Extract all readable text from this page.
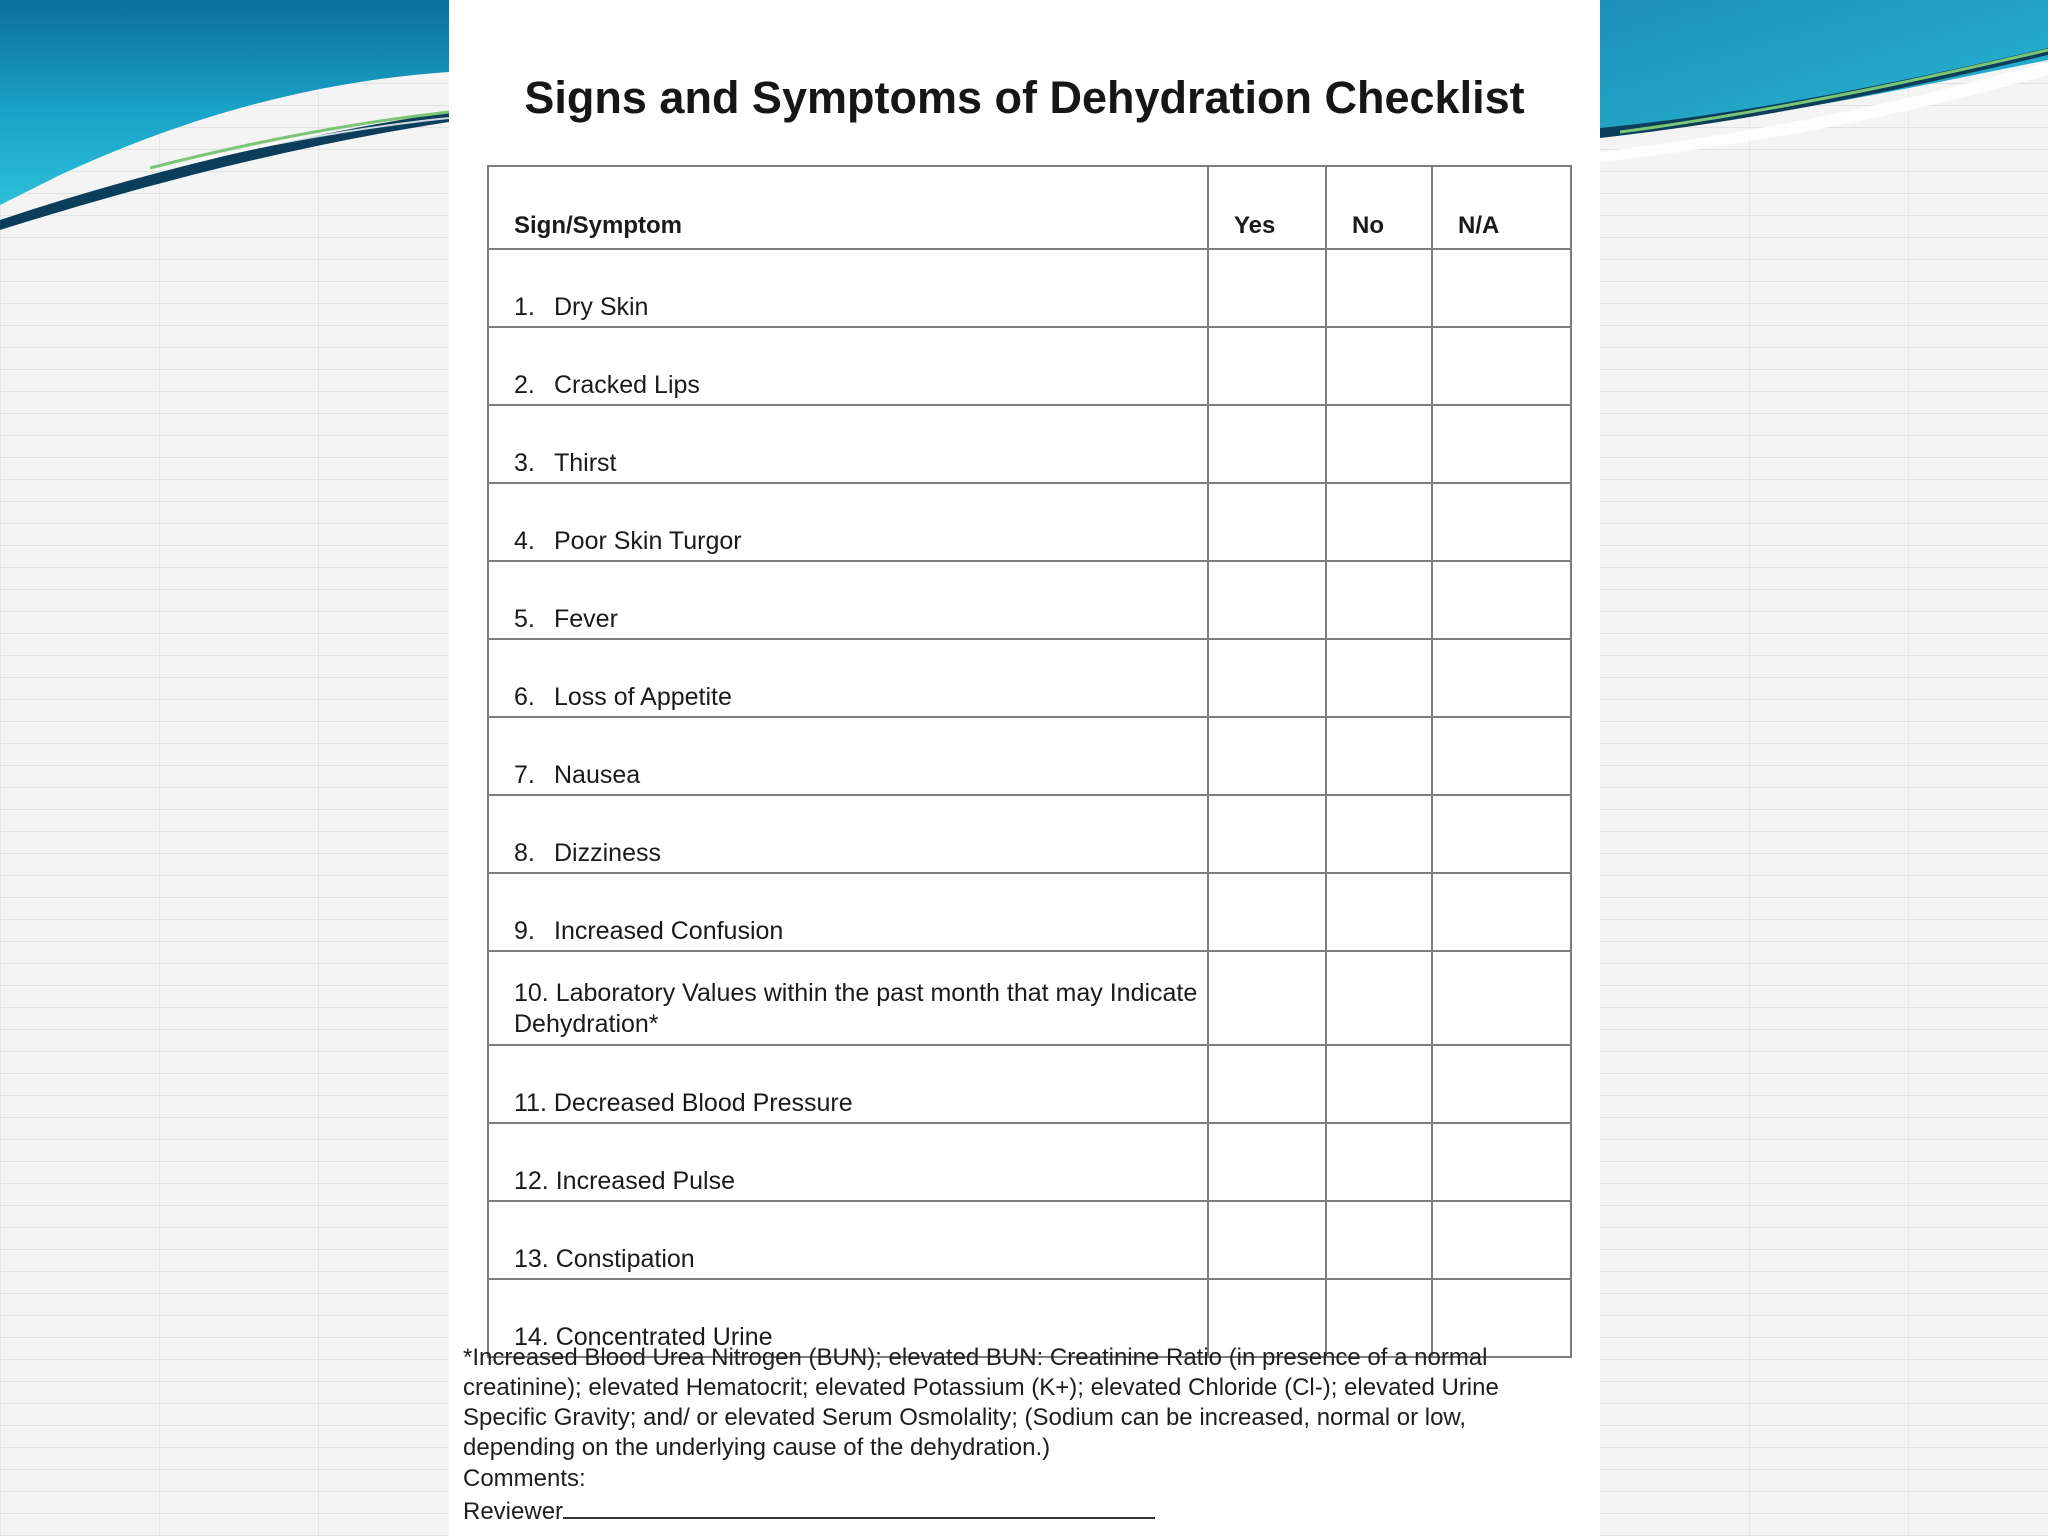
Signs and Symptoms of Dehydration Checklist
Sign/Symptom	Yes	No	N/A
1. Dry Skin			
2. Cracked Lips			
3. Thirst			
4. Poor Skin Turgor			
5. Fever			
6. Loss of Appetite			
7. Nausea			
8. Dizziness			
9. Increased Confusion			
10. Laboratory Values within the past month that may Indicate Dehydration*			
11. Decreased Blood Pressure			
12. Increased Pulse			
13. Constipation			
14. Concentrated Urine			

*Increased Blood Urea Nitrogen (BUN); elevated BUN: Creatinine Ratio (in presence of a normal creatinine); elevated Hematocrit; elevated Potassium (K+); elevated Chloride (Cl-); elevated Urine Specific Gravity; and/ or elevated Serum Osmolality; (Sodium can be increased, normal or low, depending on the underlying cause of the dehydration.)

Comments:
Reviewer
